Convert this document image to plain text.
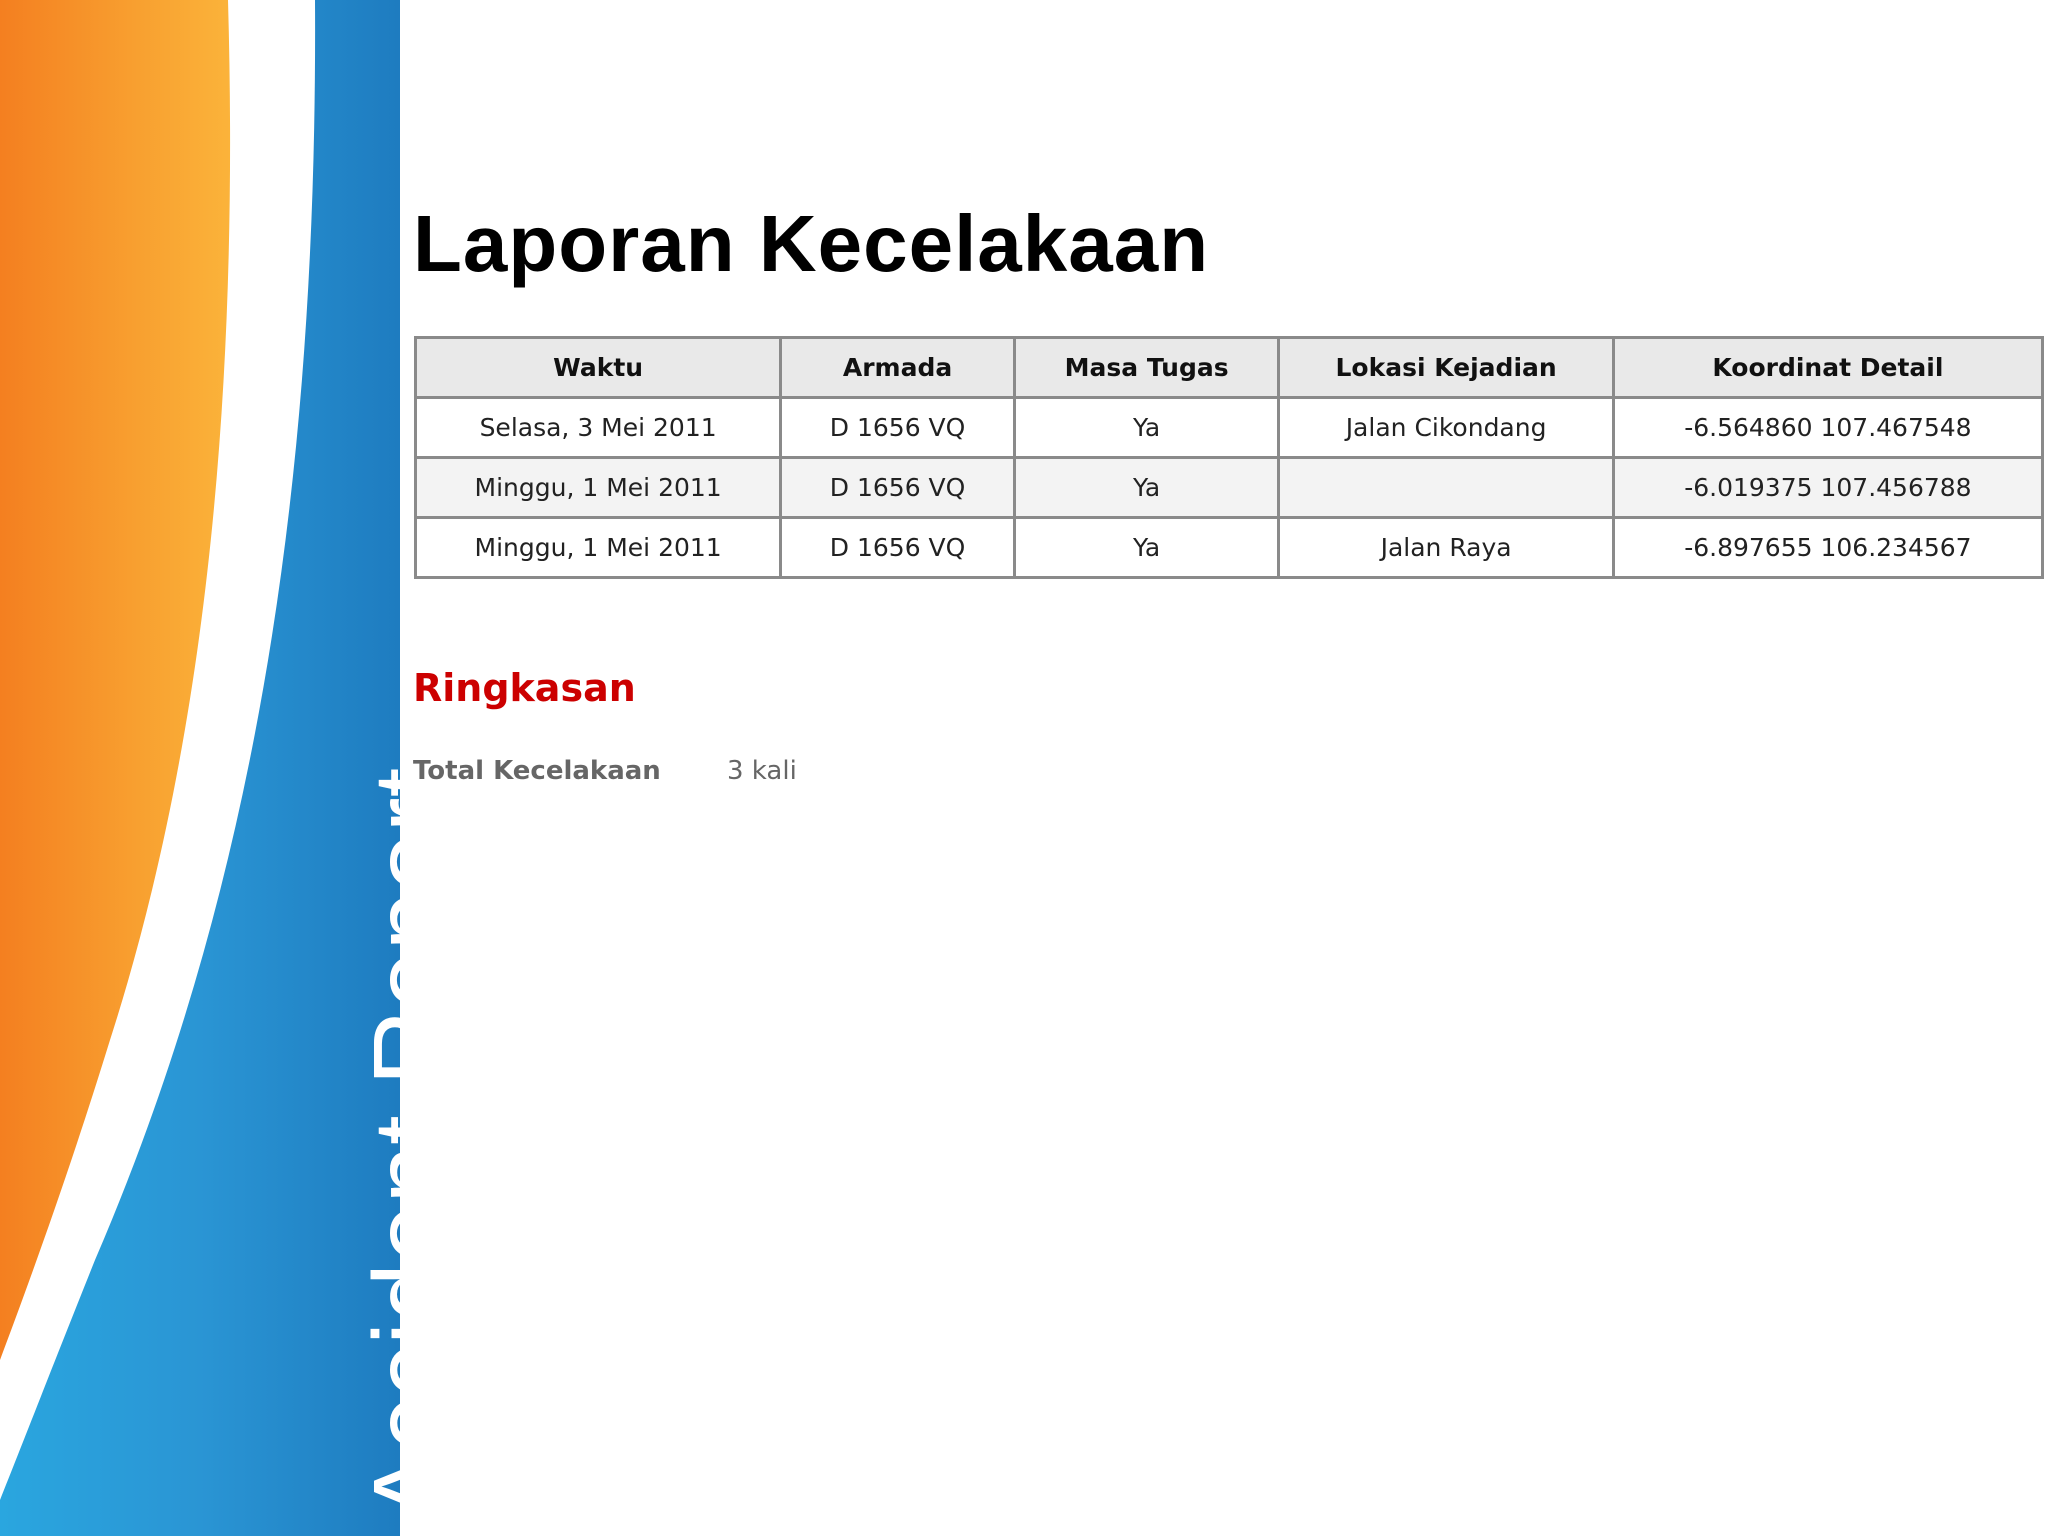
Accident Report
Laporan Kecelakaan
Waktu	Armada	Masa Tugas	Lokasi Kejadian	Koordinat Detail
Selasa, 3 Mei 2011	D 1656 VQ	Ya	Jalan Cikondang	-6.564860 107.467548
Minggu, 1 Mei 2011	D 1656 VQ	Ya		-6.019375 107.456788
Minggu, 1 Mei 2011	D 1656 VQ	Ya	Jalan Raya	-6.897655 106.234567
Ringkasan
Total Kecelakaan	3 kali
